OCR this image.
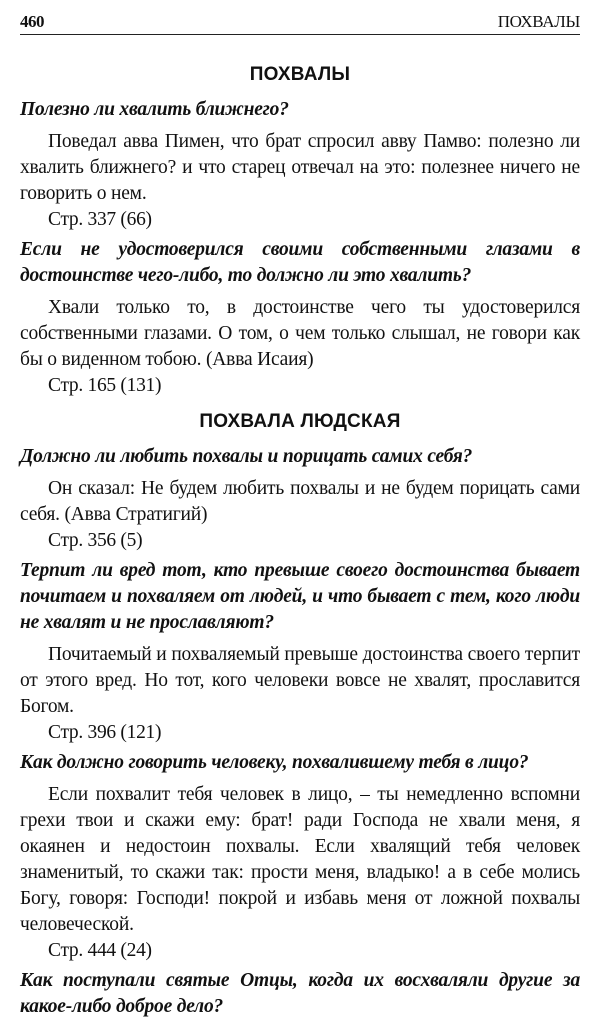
460	ПОХВАЛЫ
ПОХВАЛЫ

Полезно ли хвалить ближнего?

Поведал авва Пимен, что брат спросил авву Памво: полезно ли хвалить ближнего? и что старец отвечал на это: полезнее ничего не говорить о нем.

Стр. 337 (66)

Если не удостоверился своими собственными глазами в достоинстве чего-либо, то должно ли это хвалить?

Хвали только то, в достоинстве чего ты удостоверился собственными глазами. О том, о чем только слышал, не говори как бы о виденном тобою. (Авва Исаия)

Стр. 165 (131)

ПОХВАЛА ЛЮДСКАЯ

Должно ли любить похвалы и порицать самих себя?

Он сказал: Не будем любить похвалы и не будем порицать сами себя. (Авва Стратигий)

Стр. 356 (5)

Терпит ли вред тот, кто превыше своего достоинства бывает почитаем и похваляем от людей, и что бывает с тем, кого люди не хвалят и не прославляют?

Почитаемый и похваляемый превыше достоинства своего терпит от этого вред. Но тот, кого человеки вовсе не хвалят, прославится Богом.

Стр. 396 (121)

Как должно говорить человеку, похвалившему тебя в лицо?

Если похвалит тебя человек в лицо, – ты немедленно вспомни грехи твои и скажи ему: брат! ради Господа не хвали меня, я окаянен и недостоин похвалы. Если хвалящий тебя человек знаменитый, то скажи так: прости меня, владыко! а в себе молись Богу, говоря: Господи! покрой и избавь меня от ложной похвалы человеческой.

Стр. 444 (24)

Как поступали святые Отцы, когда их восхваляли другие за какое-либо доброе дело?
